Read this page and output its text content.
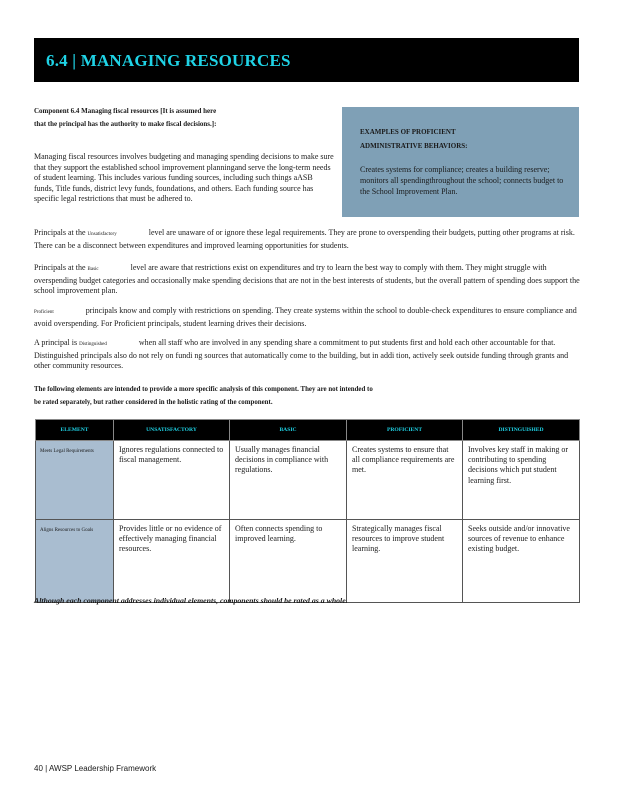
6.4 | MANAGING RESOURCES
Component 6.4 Managing fiscal resources [It is assumed here that the principal has the authority to make fiscal decisions.]:
Managing fiscal resources involves budgeting and managing spending decisions to make sure that they support the established school improvement planningand serve the long-term needs of student learning. This includes various funding sources, including such things aASB funds, Title funds, district levy funds, foundations, and others. Each funding source has specific legal restrictions that must be adhered to.
EXAMPLES OF PROFICIENT ADMINISTRATIVE BEHAVIORS:
Creates systems for compliance; creates a building reserve; monitors all spendingthroughout the school; connects budget to the School Improvement Plan.
Principals at the Unsatisfactory	level are unaware of or ignore these legal requirements. They are prone to overspending their budgets, putting other programs at risk. There can be a disconnect between expenditures and improved learning opportunities for students.
Principals at the Basic	level are aware that restrictions exist on expenditures and try to learn the best way to comply with them. They might struggle with overspending budget categories and occasionally make spending decisions that are not in the best interests of students, but the overall pattern of spending does support the school improvement plan.
Proficient	principals know and comply with restrictions on spending. They create systems within the school to double-check expenditures to ensure compliance and avoid overspending. For Proficient principals, student learning drives their decisions.
A principal is Distinguished	when all staff who are involved in any spending share a commitment to put students first and hold each other accountable for that. Distinguished principals also do not rely on fundi ng sources that automatically come to the building, but in addi tion, actively seek outside funding through grants and other community resources.
The following elements are intended to provide a more specific analysis of this component. They are not intended to be rated separately, but rather considered in the holistic rating of the component.
ELEMENT	UNSATISFACTORY	BASIC	PROFICIENT	DISTINGUISHED
Meets Legal Requirements	Ignores regulations connected to fiscal management.	Usually manages financial decisions in compliance with regulations.	Creates systems to ensure that all compliance requirements are met.	Involves key staff in making or contributing to spending decisions which put student learning first.
Aligns Resources to Goals	Provides little or no evidence of effectively managing financial resources.	Often connects spending to improved learning.	Strategically manages fiscal resources to improve student learning.	Seeks outside and/or innovative sources of revenue to enhance existing budget.
Although each component addresses individual elements, components should be rated as a whole.
40 | AWSP Leadership Framework
